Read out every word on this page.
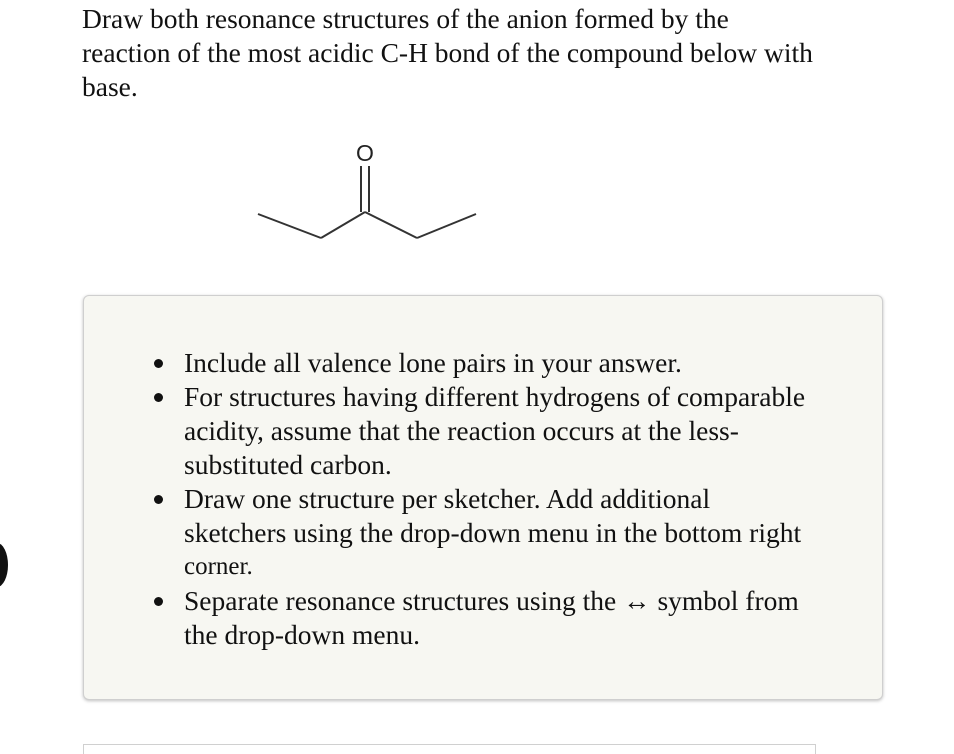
Draw both resonance structures of the anion formed by the
reaction of the most acidic C-H bond of the compound below with
base.
O
Include all valence lone pairs in your answer.
For structures having different hydrogens of comparable
acidity, assume that the reaction occurs at the less-
substituted carbon.
Draw one structure per sketcher. Add additional
sketchers using the drop-down menu in the bottom right
corner.
Separate resonance structures using the ↔ symbol from
the drop-down menu.
